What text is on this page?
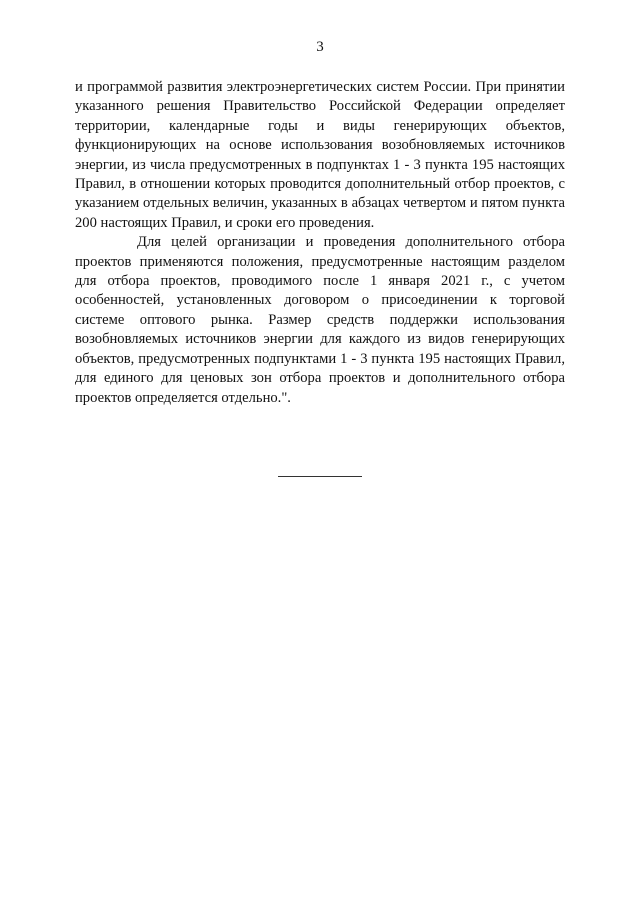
3

и программой развития электроэнергетических систем России. При принятии указанного решения Правительство Российской Федерации определяет территории, календарные годы и виды генерирующих объектов, функционирующих на основе использования возобновляемых источников энергии, из числа предусмотренных в подпунктах 1 - 3 пункта 195 настоящих Правил, в отношении которых проводится дополнительный отбор проектов, с указанием отдельных величин, указанных в абзацах четвертом и пятом пункта 200 настоящих Правил, и сроки его проведения.

Для целей организации и проведения дополнительного отбора проектов применяются положения, предусмотренные настоящим разделом для отбора проектов, проводимого после 1 января 2021 г., с учетом особенностей, установленных договором о присоединении к торговой системе оптового рынка. Размер средств поддержки использования возобновляемых источников энергии для каждого из видов генерирующих объектов, предусмотренных подпунктами 1 - 3 пункта 195 настоящих Правил, для единого для ценовых зон отбора проектов и дополнительного отбора проектов определяется отдельно.".
